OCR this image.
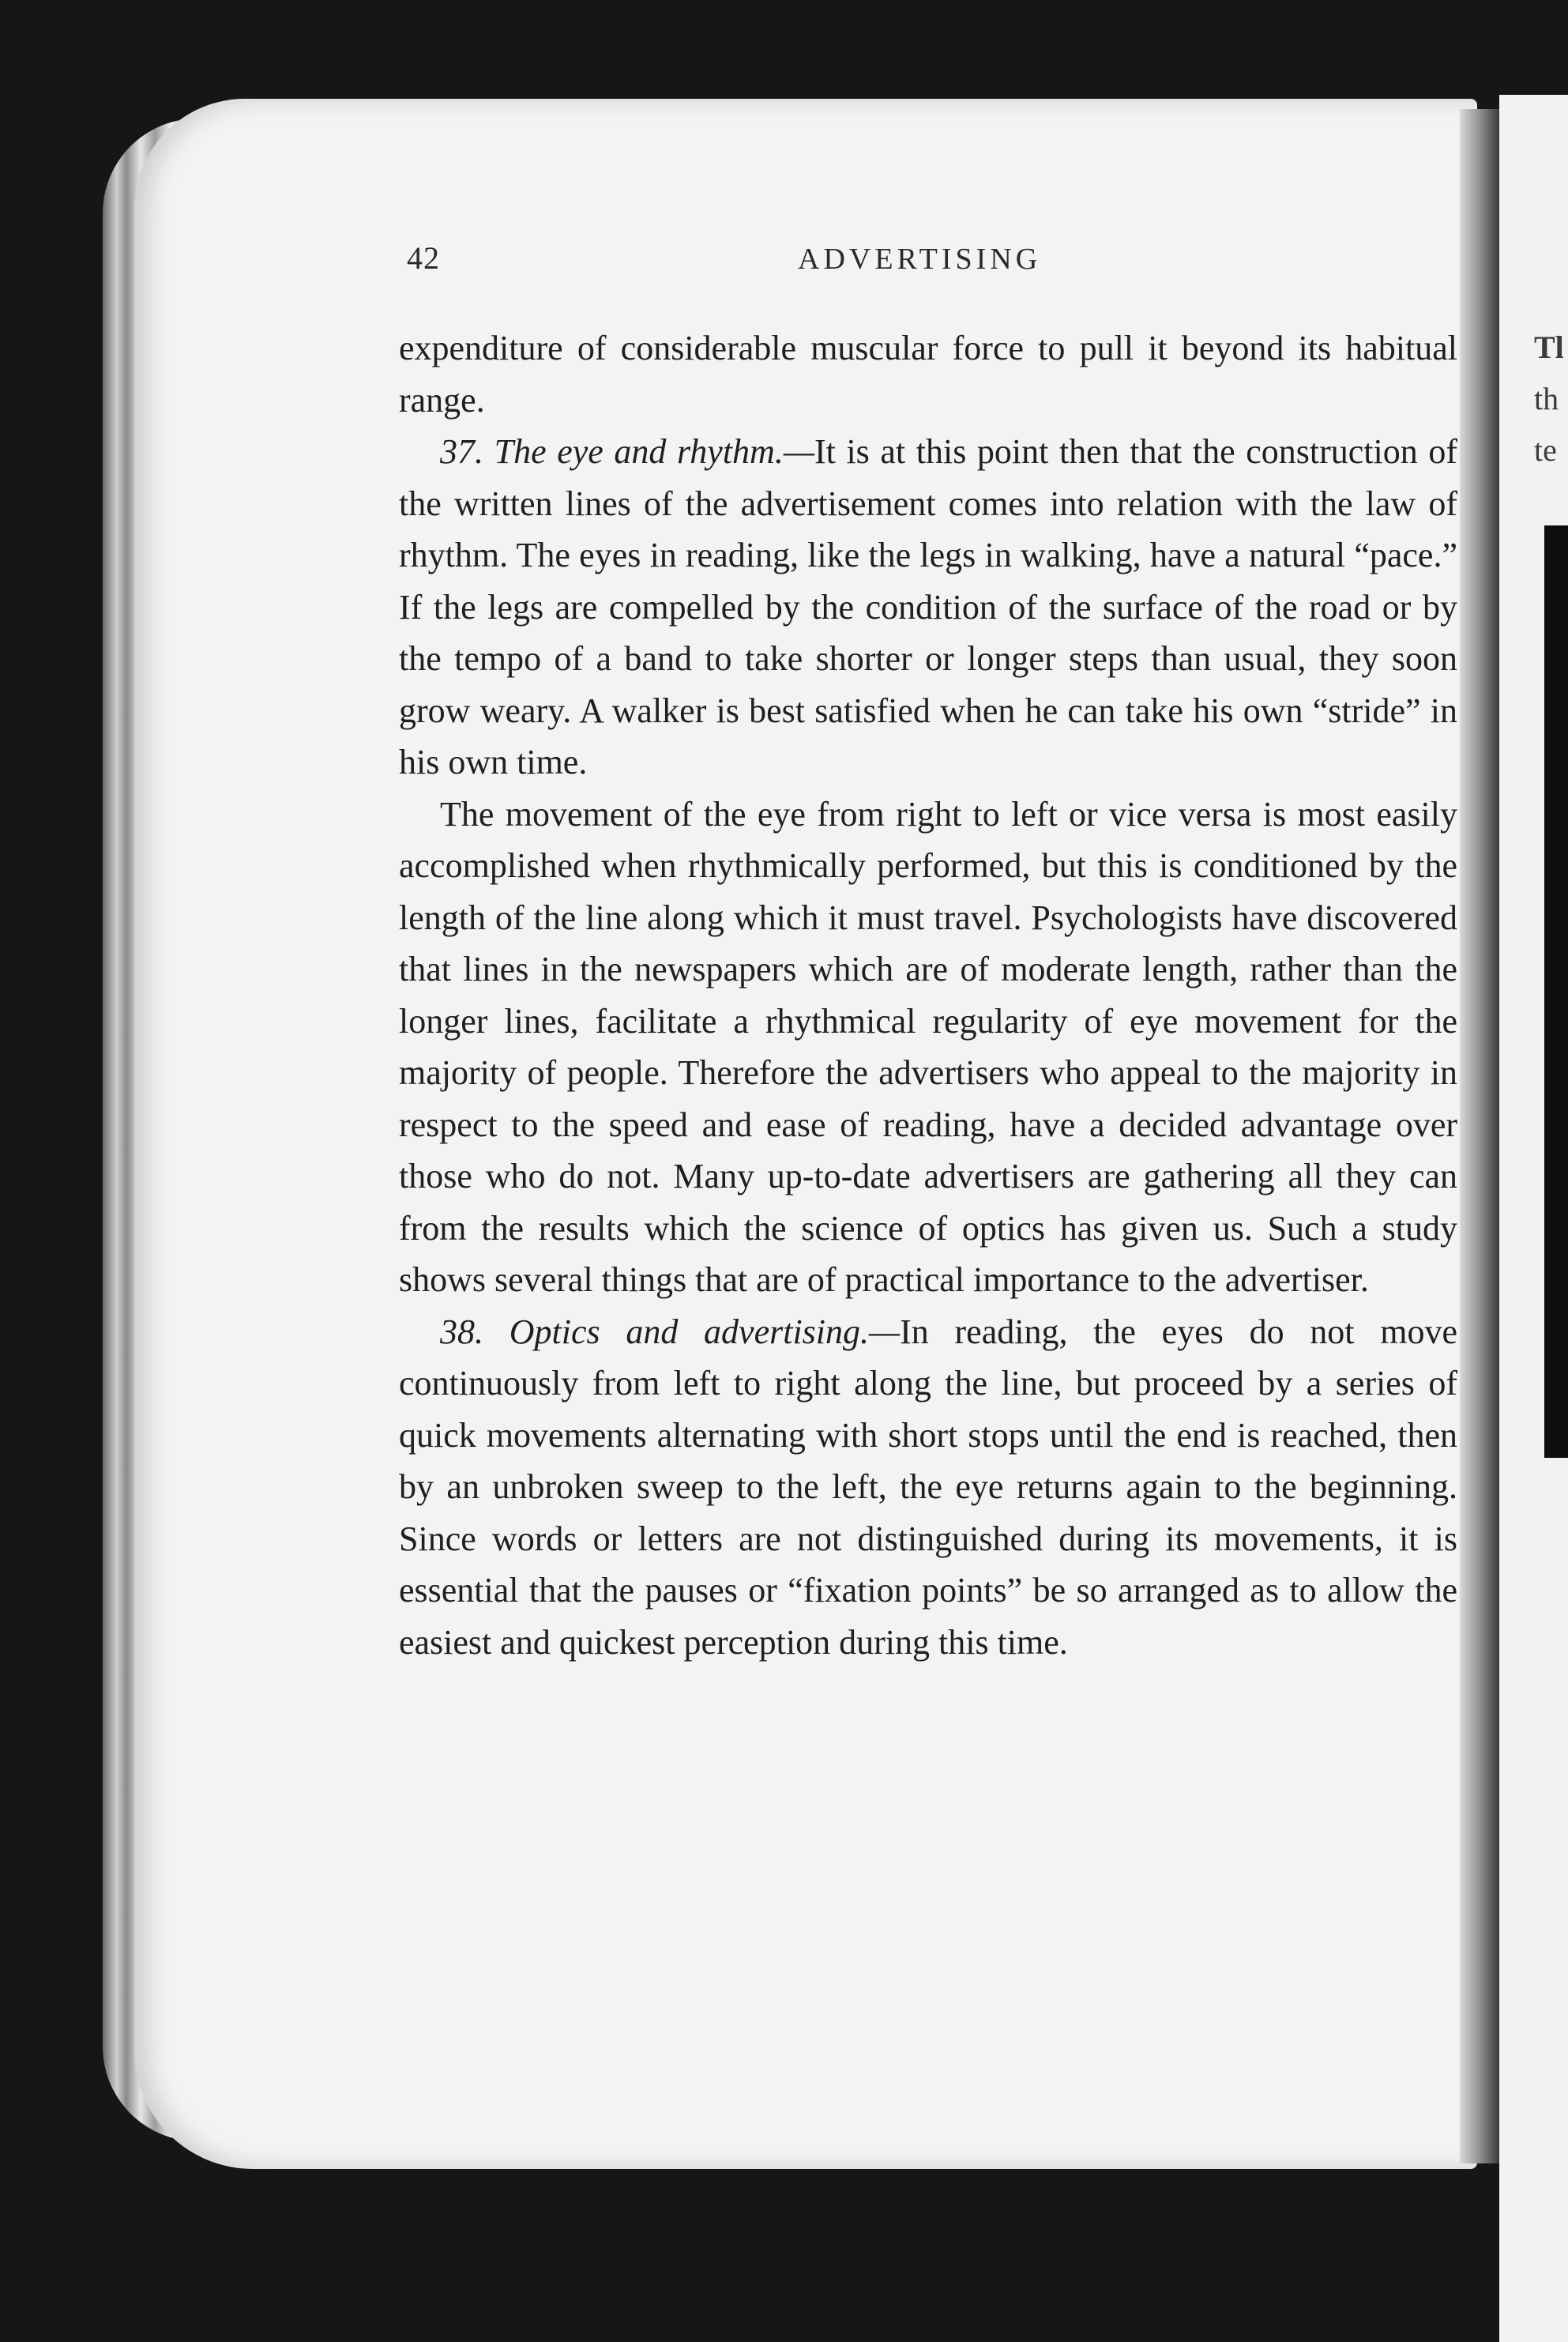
Tl
th
te
42	ADVERTISING

expenditure of considerable muscular force to pull it beyond its habitual range.

37. The eye and rhythm.—It is at this point then that the construction of the written lines of the advertisement comes into relation with the law of rhythm. The eyes in reading, like the legs in walking, have a natural “pace.” If the legs are compelled by the condition of the surface of the road or by the tempo of a band to take shorter or longer steps than usual, they soon grow weary. A walker is best satisfied when he can take his own “stride” in his own time.

The movement of the eye from right to left or vice versa is most easily accomplished when rhythmically performed, but this is conditioned by the length of the line along which it must travel. Psychologists have discovered that lines in the newspapers which are of moderate length, rather than the longer lines, facilitate a rhythmical regularity of eye movement for the majority of people. Therefore the advertisers who appeal to the majority in respect to the speed and ease of reading, have a decided advantage over those who do not. Many up-to-date advertisers are gathering all they can from the results which the science of optics has given us. Such a study shows several things that are of practical importance to the advertiser.

38. Optics and advertising.—In reading, the eyes do not move continuously from left to right along the line, but proceed by a series of quick movements alternating with short stops until the end is reached, then by an unbroken sweep to the left, the eye returns again to the beginning. Since words or letters are not distinguished during its movements, it is essential that the pauses or “fixation points” be so arranged as to allow the easiest and quickest perception during this time.
